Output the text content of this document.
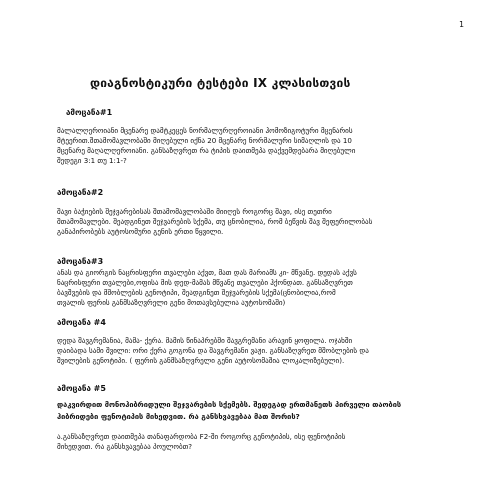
1
დიაგნოსტიკური ტესტები IX კლასისთვის
ამოცანა#1

მალალღეროიანი მცენარე დამტკეცეს ნორმალურღეროიანი ჰომოზიგოტური მცენარის
მტეერით.შთამომავლობაში მიღებული იქნა 20 მცენარე ნორმალური სიმაღლის და 10
მცენარე მაღალღეროიანი. განსაზღვრეთ რა ტიპის დაითმეპა დაქვემდებარა მიღებული
შედეგი 3:1 თუ 1:1-?

ამოცანა#2

შავი ბაჭიების შეჯვარებისას შთამომავლობაში მიიღეს როგორც შავი, ისე თეთრი
შთამომავლები. შეადგინეთ შეჯვარების სქემა, თუ ცნობილია, რომ ბეწვის შავ შეფერილობას
განაპირობებს აუტოსომური გენის ერთი წყვილი.

ამოცანა#3

ანას და გიორგის ნაცრისფერი თვალები აქვთ, მათ დას მარიამს კი- მწვანე. დედას აქვს
ნაცრისფერი თვალები,ოფისა მის დედ-მამას მწვანე თვალები ჰქონდათ. განსაზღვრეთ
ბავშვების და მშობლების გენოტიპი, შეადგინეთ შეჯვარების სქემა(ცნობილია,რომ
თვალის ფერის განმსაზღვრელი გენი მოთავსებულია აუტოსომაში)

ამოცანა #4

დედა შავგრემანია, მამა- ქერა. მამის წინაპრებში შავგრემანი არავინ ყოფილა. ოჯახში
დაიბადა სამი შვილი: ორი ქერა გოგონა და შავგრემანი ვაჟი. განსაზღვრეთ მშობლების და
შვილების გენოტიპი. ( ფერის განმსაზღვრელი გენი აუტოსომაშია ლოკალიზებული).

ამოცანა #5

დაკვირდით მონოჰიბრიდული შეჯვარების სქემებს. შედეგად ერთმანეთს პირველი თაობის
ჰიბრიდები ფენოტიპის მიხედვით. რა განსხვავებაა მათ შორის?

ა.განსაზღვრეთ დაითმეპა თანაფარდობა F2-ში როგორც გენოტიპის, ისე ფენოტიპის
მიხედვით. რა განსხვავებაა პოულობთ?
